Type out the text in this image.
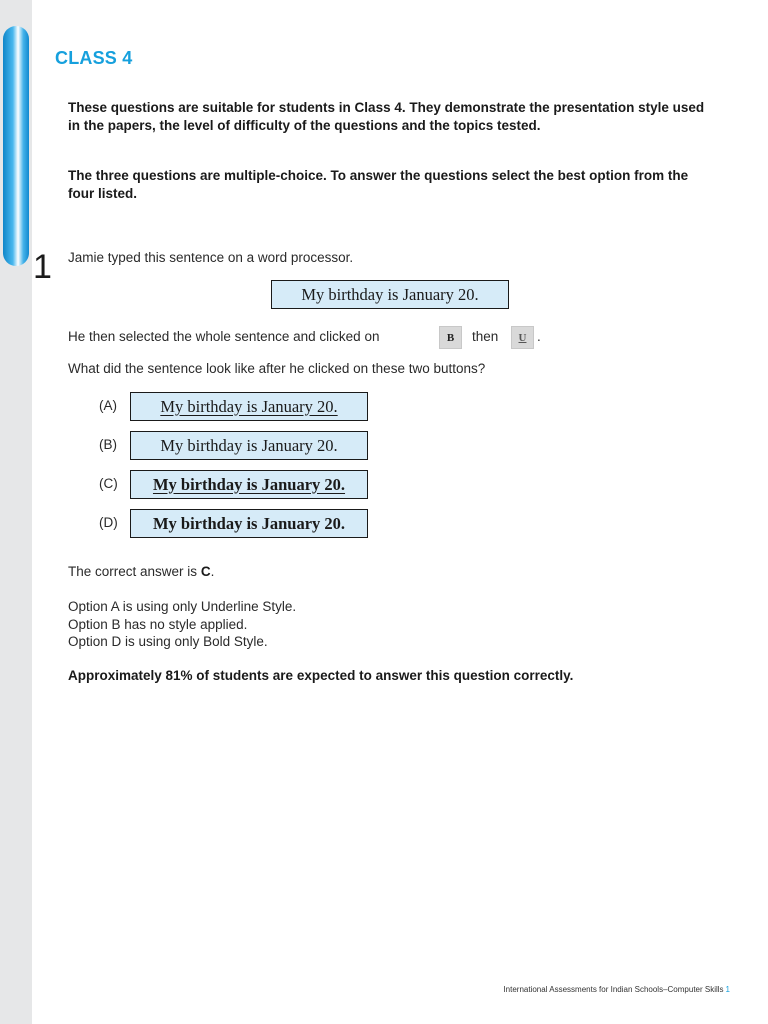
CLASS 4
These questions are suitable for students in Class 4. They demonstrate the presentation style used in the papers, the level of difficulty of the questions and the topics tested.
The three questions are multiple-choice. To answer the questions select the best option from the four listed.
1 Jamie typed this sentence on a word processor.
My birthday is January 20.
He then selected the whole sentence and clicked on	B then U .
What did the sentence look like after he clicked on these two buttons?
(A)	My birthday is January 20.
(B)	My birthday is January 20.
(C) My birthday is January 20.
(D) My birthday is January 20.
The correct answer is C.
Option A is using only Underline Style.
Option B has no style applied.
Option D is using only Bold Style.
Approximately 81% of students are expected to answer this question correctly.
International Assessments for Indian Schools–Computer Skills 1
